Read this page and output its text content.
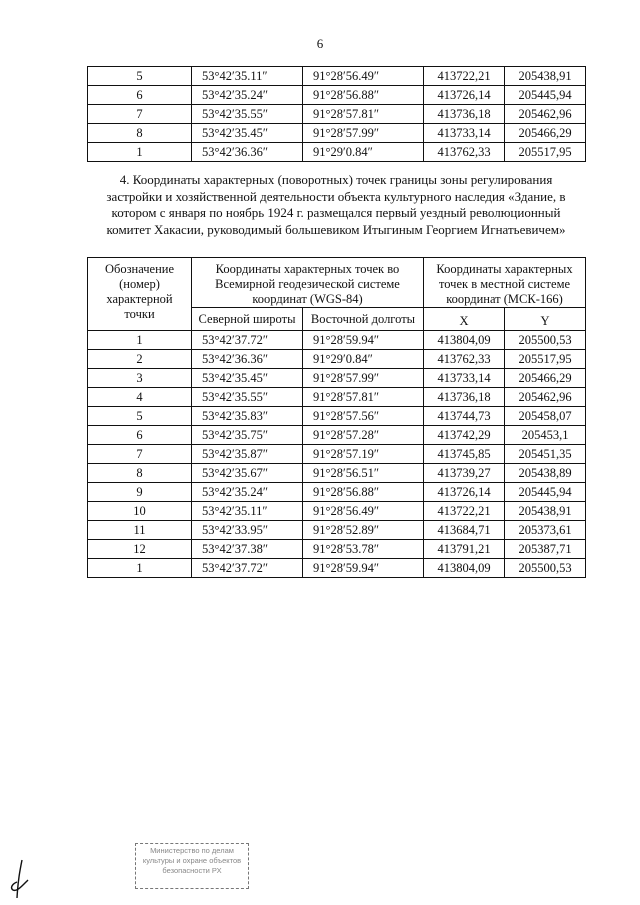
6
5	53°42′35.11″	91°28′56.49″	413722,21	205438,91
6	53°42′35.24″	91°28′56.88″	413726,14	205445,94
7	53°42′35.55″	91°28′57.81″	413736,18	205462,96
8	53°42′35.45″	91°28′57.99″	413733,14	205466,29
1	53°42′36.36″	91°29′0.84″	413762,33	205517,95
4. Координаты характерных (поворотных) точек границы зоны регулирования застройки и хозяйственной деятельности объекта культурного наследия «Здание, в котором с января по ноябрь 1924 г. размещался первый уездный революционный комитет Хакасии, руководимый большевиком Итыгиным Георгием Игнатьевичем»
Обозначение (номер) характерной точки	Координаты характерных точек во Всемирной геодезической системе координат (WGS-84)		Координаты характерных точек в местной системе координат (МСК-166)	
	Северной широты	Восточной долготы	X	Y
1	53°42′37.72″	91°28′59.94″	413804,09	205500,53
2	53°42′36.36″	91°29′0.84″	413762,33	205517,95
3	53°42′35.45″	91°28′57.99″	413733,14	205466,29
4	53°42′35.55″	91°28′57.81″	413736,18	205462,96
5	53°42′35.83″	91°28′57.56″	413744,73	205458,07
6	53°42′35.75″	91°28′57.28″	413742,29	205453,1
7	53°42′35.87″	91°28′57.19″	413745,85	205451,35
8	53°42′35.67″	91°28′56.51″	413739,27	205438,89
9	53°42′35.24″	91°28′56.88″	413726,14	205445,94
10	53°42′35.11″	91°28′56.49″	413722,21	205438,91
11	53°42′33.95″	91°28′52.89″	413684,71	205373,61
12	53°42′37.38″	91°28′53.78″	413791,21	205387,71
1	53°42′37.72″	91°28′59.94″	413804,09	205500,53
Министерство по делам
культуры и охране объектов
безопасности РХ
